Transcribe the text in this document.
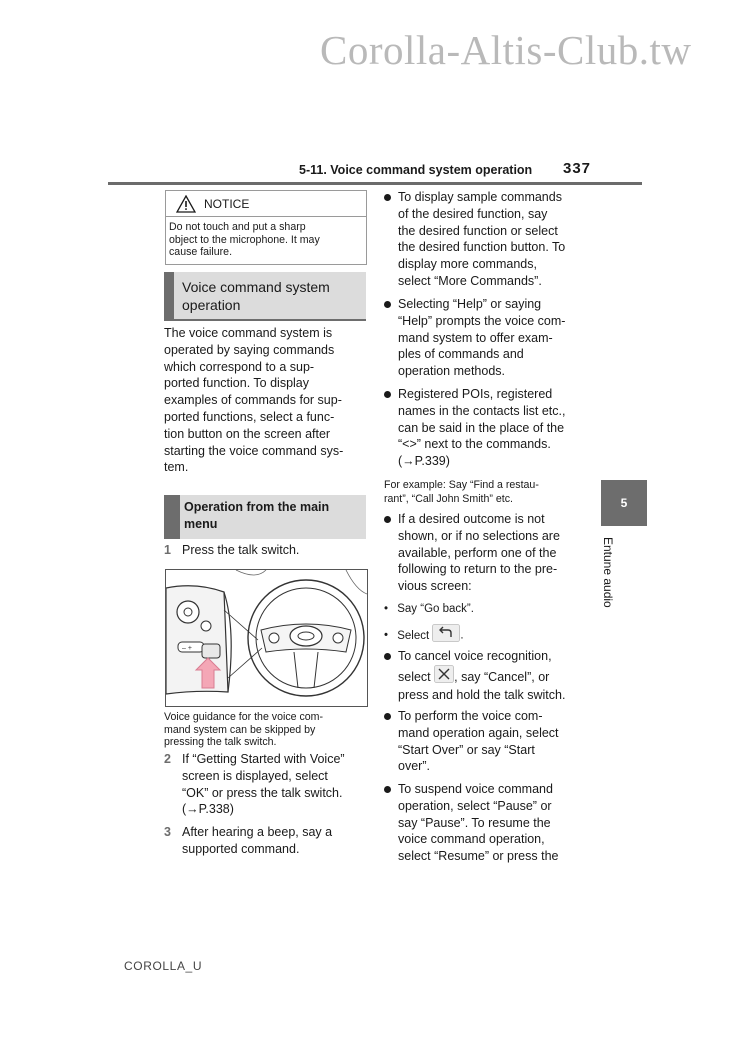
Corolla-Altis-Club.tw
5-11. Voice command system operation 337
5
Entune audio
NOTICE
Do not touch and put a sharp
object to the microphone. It may
cause failure.
Voice command system
operation
The voice command system is
operated by saying commands
which correspond to a sup-
ported function. To display
examples of commands for sup-
ported functions, select a func-
tion button on the screen after
starting the voice command sys-
tem.
Operation from the main
menu
1 Press the talk switch.
– +
Voice guidance for the voice com-
mand system can be skipped by
pressing the talk switch.
2 If “Getting Started with Voice”
screen is displayed, select
“OK” or press the talk switch.
(→P.338)
3 After hearing a beep, say a
supported command.
To display sample commands
of the desired function, say
the desired function or select
the desired function button. To
display more commands,
select “More Commands”.
Selecting “Help” or saying
“Help” prompts the voice com-
mand system to offer exam-
ples of commands and
operation methods.
Registered POIs, registered
names in the contacts list etc.,
can be said in the place of the
“<>” next to the commands.
(→P.339)
For example: Say “Find a restau-
rant”, “Call John Smith” etc.
If a desired outcome is not
shown, or if no selections are
available, perform one of the
following to return to the pre-
vious screen:
• Say “Go back”.
• Select	.
To cancel voice recognition,
select , say “Cancel”, or
press and hold the talk switch.
To perform the voice com-
mand operation again, select
“Start Over” or say “Start
over”.
To suspend voice command
operation, select “Pause” or
say “Pause”. To resume the
voice command operation,
select “Resume” or press the
COROLLA_U
